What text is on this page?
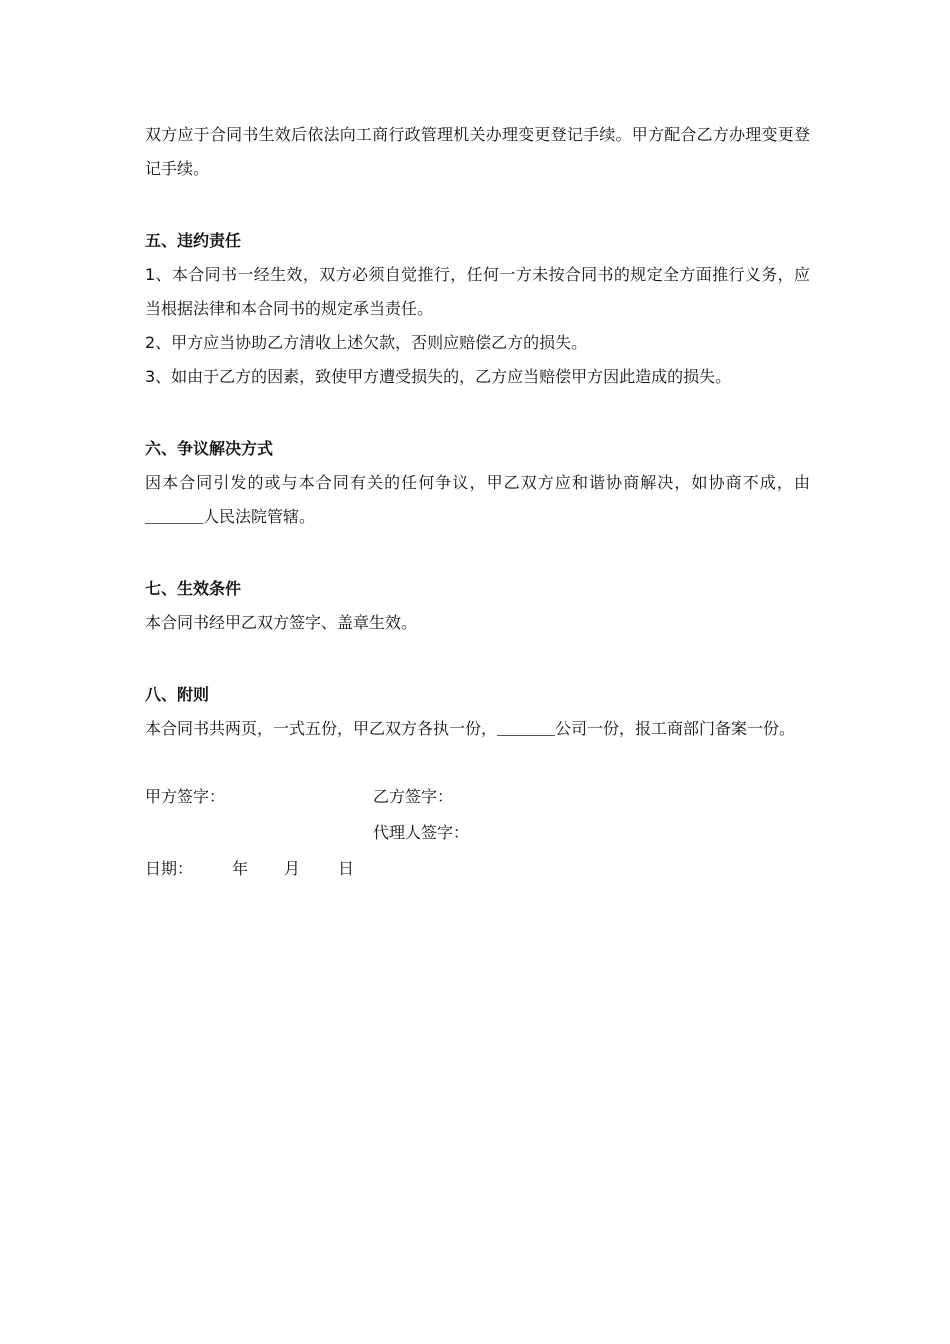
双方应于合同书生效后依法向工商行政管理机关办理变更登记手续。甲方配合乙方办理变更登记手续。

五、违约责任

1、本合同书一经生效，双方必须自觉推行，任何一方未按合同书的规定全方面推行义务，应当根据法律和本合同书的规定承当责任。

2、甲方应当协助乙方清收上述欠款，否则应赔偿乙方的损失。

3、如由于乙方的因素，致使甲方遭受损失的，乙方应当赔偿甲方因此造成的损失。

六、争议解决方式

因本合同引发的或与本合同有关的任何争议，甲乙双方应和谐协商解决，如协商不成，由人民法院管辖。

七、生效条件

本合同书经甲乙双方签字、盖章生效。

八、附则

本合同书共两页，一式五份，甲乙双方各执一份，	公司一份，报工商部门备案一份。

甲方签字：	乙方签字：
代理人签字：
日期： 年 月 日
